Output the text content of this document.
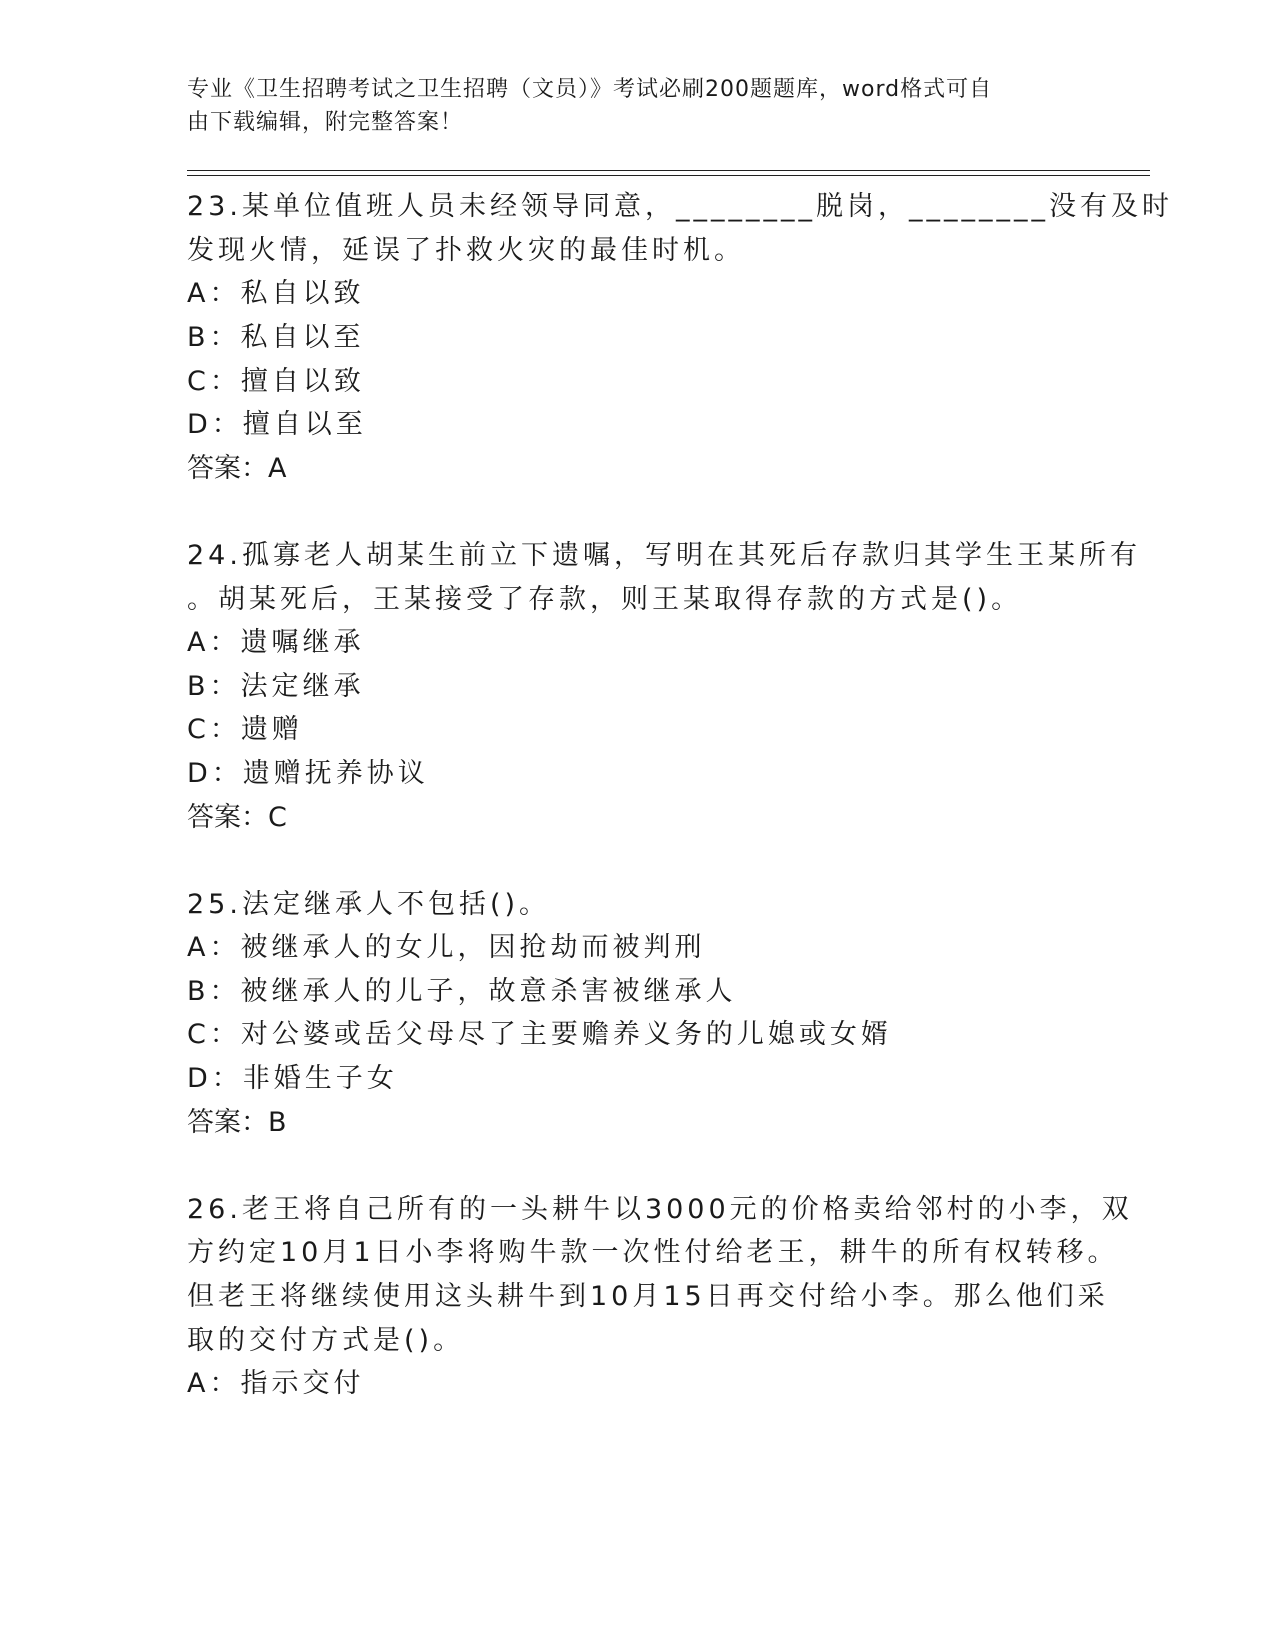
专业《卫生招聘考试之卫生招聘（文员）》考试必刷200题题库，word格式可自
由下载编辑，附完整答案！
23.某单位值班人员未经领导同意，________脱岗，________没有及时
发现火情，延误了扑救火灾的最佳时机。
A：私自以致
B：私自以至
C：擅自以致
D：擅自以至
答案：A
24.孤寡老人胡某生前立下遗嘱，写明在其死后存款归其学生王某所有
。胡某死后，王某接受了存款，则王某取得存款的方式是()。
A：遗嘱继承
B：法定继承
C：遗赠
D：遗赠抚养协议
答案：C
25.法定继承人不包括()。
A：被继承人的女儿，因抢劫而被判刑
B：被继承人的儿子，故意杀害被继承人
C：对公婆或岳父母尽了主要赡养义务的儿媳或女婿
D：非婚生子女
答案：B
26.老王将自己所有的一头耕牛以3000元的价格卖给邻村的小李，双
方约定10月1日小李将购牛款一次性付给老王，耕牛的所有权转移。
但老王将继续使用这头耕牛到10月15日再交付给小李。那么他们采
取的交付方式是()。
A：指示交付
